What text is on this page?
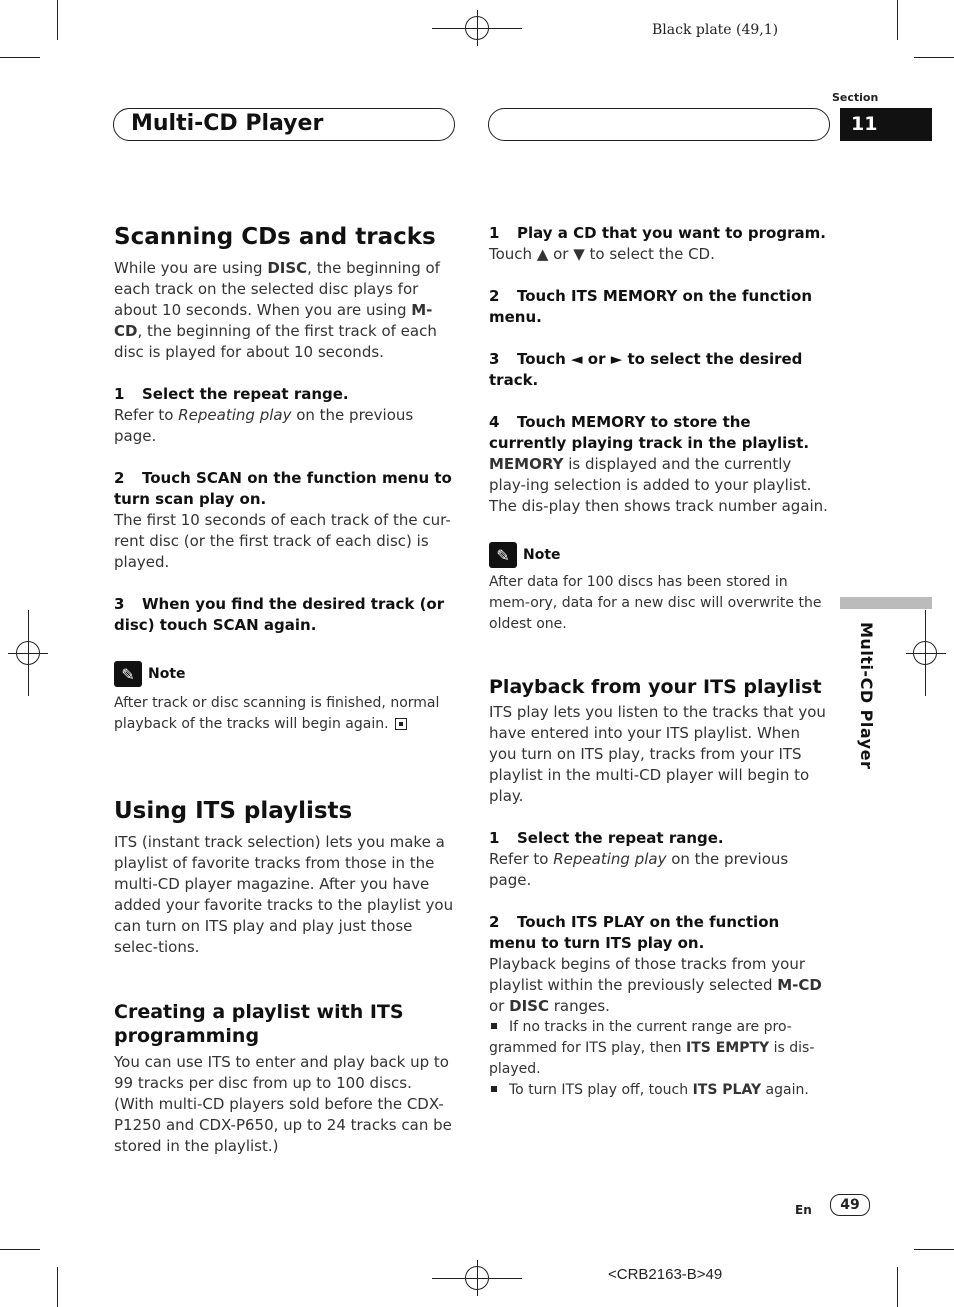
Black plate (49,1)
Multi-CD Player
Section
11
Multi-CD Player
Scanning CDs and tracks

While you are using DISC, the beginning of each track on the selected disc plays for about 10 seconds. When you are using M-CD, the beginning of the first track of each disc is played for about 10 seconds.

1 Select the repeat range.

Refer to Repeating play on the previous page.

2 Touch SCAN on the function menu to turn scan play on.

The first 10 seconds of each track of the cur-rent disc (or the first track of each disc) is played.

3 When you find the desired track (or disc) touch SCAN again.

✎ Note

After track or disc scanning is finished, normal playback of the tracks will begin again.

Using ITS playlists

ITS (instant track selection) lets you make a playlist of favorite tracks from those in the multi-CD player magazine. After you have added your favorite tracks to the playlist you can turn on ITS play and play just those selec-tions.

Creating a playlist with ITS programming

You can use ITS to enter and play back up to 99 tracks per disc from up to 100 discs. (With multi-CD players sold before the CDX-P1250 and CDX-P650, up to 24 tracks can be stored in the playlist.)

1 Play a CD that you want to program.

Touch ▲ or ▼ to select the CD.

2 Touch ITS MEMORY on the function menu.

3 Touch ◄ or ► to select the desired track.

4 Touch MEMORY to store the currently playing track in the playlist.

MEMORY is displayed and the currently play-ing selection is added to your playlist. The dis-play then shows track number again.

✎ Note

After data for 100 discs has been stored in mem-ory, data for a new disc will overwrite the oldest one.

Playback from your ITS playlist

ITS play lets you listen to the tracks that you have entered into your ITS playlist. When you turn on ITS play, tracks from your ITS playlist in the multi-CD player will begin to play.

1 Select the repeat range.

Refer to Repeating play on the previous page.

2 Touch ITS PLAY on the function menu to turn ITS play on.

Playback begins of those tracks from your playlist within the previously selected M-CD or DISC ranges.

If no tracks in the current range are pro-grammed for ITS play, then ITS EMPTY is dis-played.

To turn ITS play off, touch ITS PLAY again.

En	49
<CRB2163-B>49
